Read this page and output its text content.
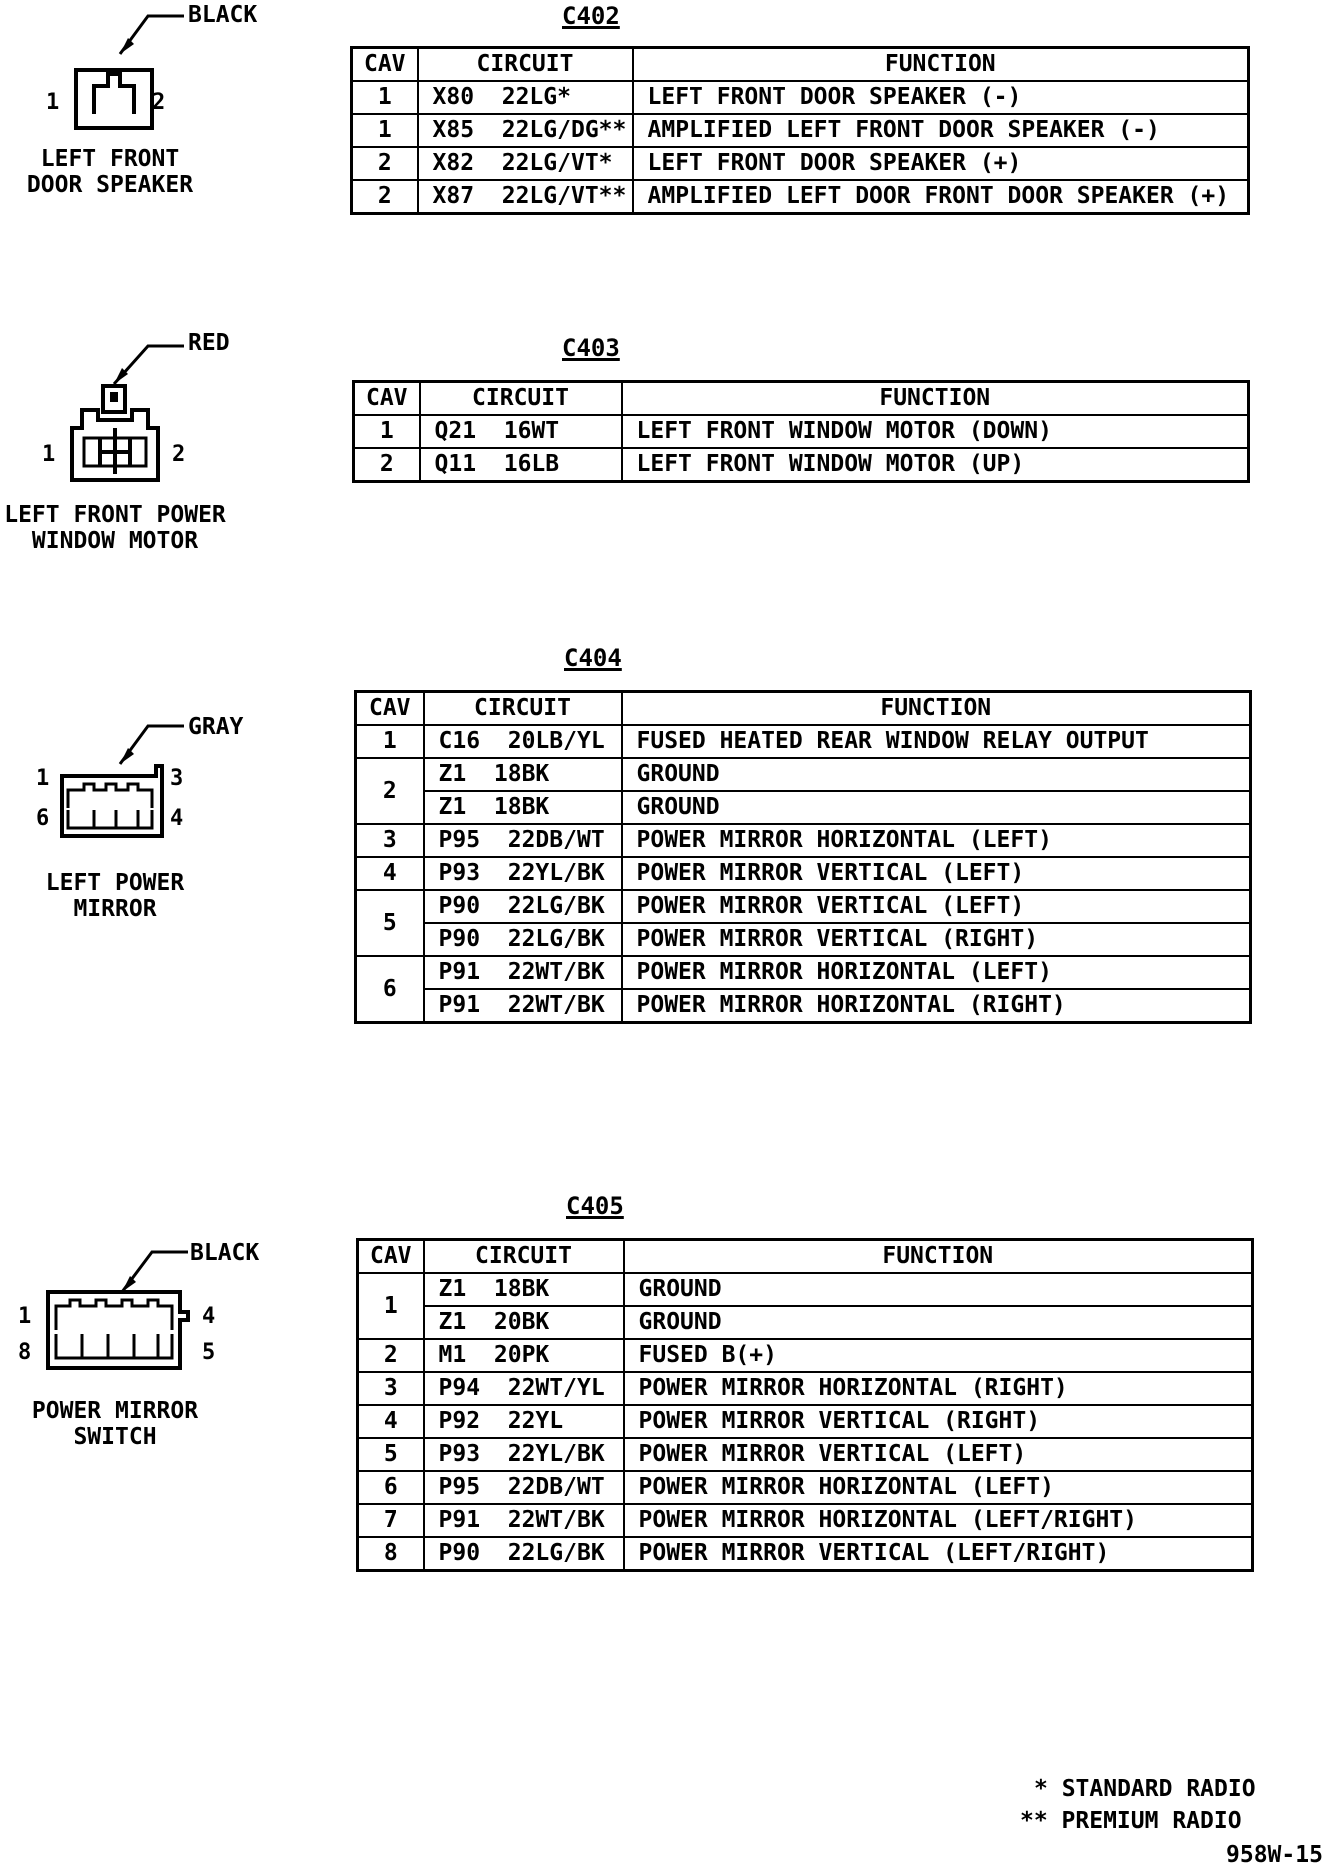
C402
BLACK
1	2
LEFT FRONT
DOOR SPEAKER
CAV	CIRCUIT	FUNCTION
1	X80  22LG*	LEFT FRONT DOOR SPEAKER (-)
1	X85  22LG/DG**	AMPLIFIED LEFT FRONT DOOR SPEAKER (-)
2	X82  22LG/VT*	LEFT FRONT DOOR SPEAKER (+)
2	X87  22LG/VT**	AMPLIFIED LEFT DOOR FRONT DOOR SPEAKER (+)
C403
RED
1	2
LEFT FRONT POWER
WINDOW MOTOR
CAV	CIRCUIT	FUNCTION
1	Q21  16WT	LEFT FRONT WINDOW MOTOR (DOWN)
2	Q11  16LB	LEFT FRONT WINDOW MOTOR (UP)
C404
GRAY
1	3
6	4
LEFT POWER
MIRROR
CAV	CIRCUIT	FUNCTION
1	C16  20LB/YL	FUSED HEATED REAR WINDOW RELAY OUTPUT
2	Z1  18BK	GROUND
	Z1  18BK	GROUND
3	P95  22DB/WT	POWER MIRROR HORIZONTAL (LEFT)
4	P93  22YL/BK	POWER MIRROR VERTICAL (LEFT)
5	P90  22LG/BK	POWER MIRROR VERTICAL (LEFT)
	P90  22LG/BK	POWER MIRROR VERTICAL (RIGHT)
6	P91  22WT/BK	POWER MIRROR HORIZONTAL (LEFT)
	P91  22WT/BK	POWER MIRROR HORIZONTAL (RIGHT)
C405
BLACK
1	4
8	5
POWER MIRROR
SWITCH
CAV	CIRCUIT	FUNCTION
1	Z1  18BK	GROUND
	Z1  20BK	GROUND
2	M1  20PK	FUSED B(+)
3	P94  22WT/YL	POWER MIRROR HORIZONTAL (RIGHT)
4	P92  22YL	POWER MIRROR VERTICAL (RIGHT)
5	P93  22YL/BK	POWER MIRROR VERTICAL (LEFT)
6	P95  22DB/WT	POWER MIRROR HORIZONTAL (LEFT)
7	P91  22WT/BK	POWER MIRROR HORIZONTAL (LEFT/RIGHT)
8	P90  22LG/BK	POWER MIRROR VERTICAL (LEFT/RIGHT)
* STANDARD RADIO
** PREMIUM RADIO
958W-15
